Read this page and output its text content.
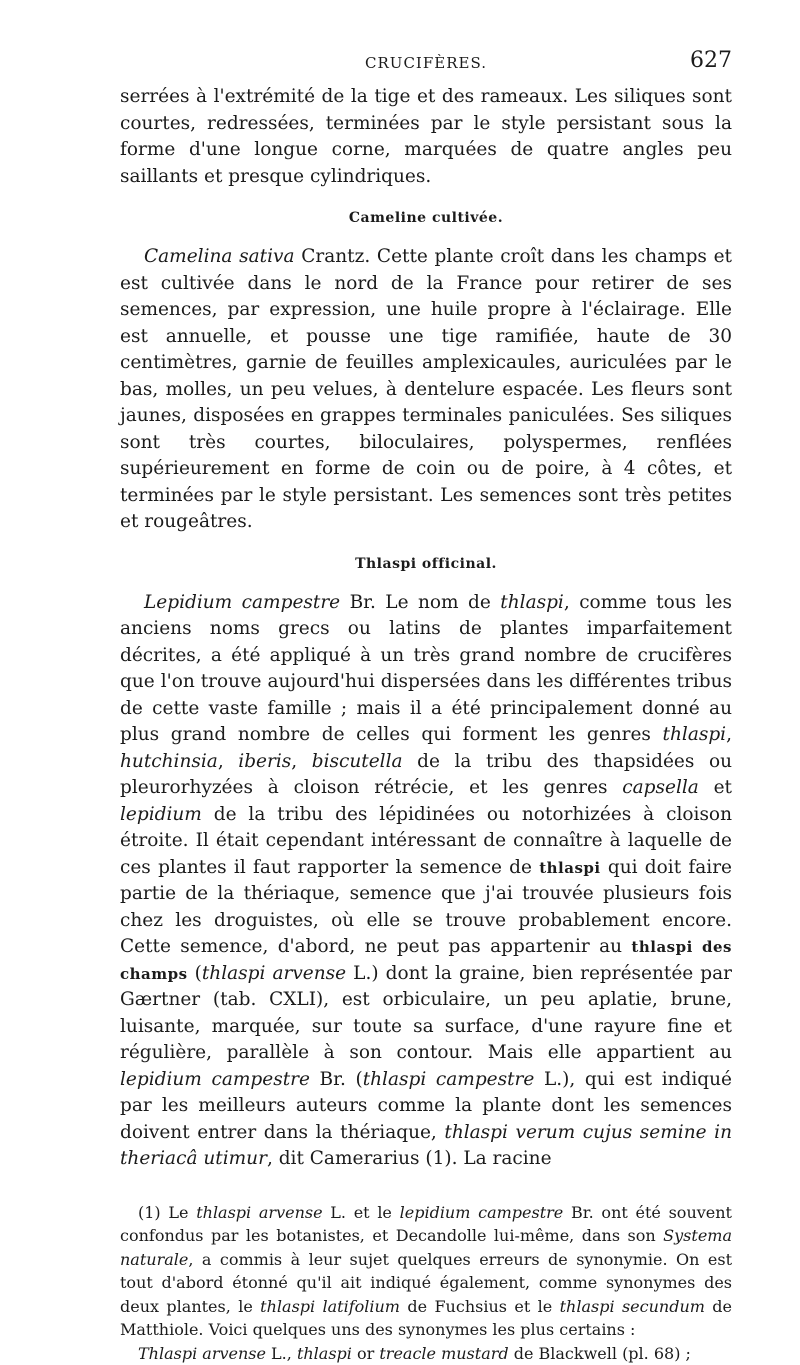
CRUCIFÈRES.	627

serrées à l'extrémité de la tige et des rameaux. Les siliques sont courtes, redressées, terminées par le style persistant sous la forme d'une longue corne, marquées de quatre angles peu saillants et presque cylindriques.

Cameline cultivée.

Camelina sativa Crantz. Cette plante croît dans les champs et est cultivée dans le nord de la France pour retirer de ses semences, par expression, une huile propre à l'éclairage. Elle est annuelle, et pousse une tige ramifiée, haute de 30 centimètres, garnie de feuilles amplexicaules, auriculées par le bas, molles, un peu velues, à dentelure espacée. Les fleurs sont jaunes, disposées en grappes terminales paniculées. Ses siliques sont très courtes, biloculaires, polyspermes, renflées supérieurement en forme de coin ou de poire, à 4 côtes, et terminées par le style persistant. Les semences sont très petites et rougeâtres.

Thlaspi officinal.

Lepidium campestre Br. Le nom de thlaspi, comme tous les anciens noms grecs ou latins de plantes imparfaitement décrites, a été appliqué à un très grand nombre de crucifères que l'on trouve aujourd'hui dispersées dans les différentes tribus de cette vaste famille ; mais il a été principalement donné au plus grand nombre de celles qui forment les genres thlaspi, hutchinsia, iberis, biscutella de la tribu des thapsidées ou pleurorhyzées à cloison rétrécie, et les genres capsella et lepidium de la tribu des lépidinées ou notorhizées à cloison étroite. Il était cependant intéressant de connaître à laquelle de ces plantes il faut rapporter la semence de thlaspi qui doit faire partie de la thériaque, semence que j'ai trouvée plusieurs fois chez les droguistes, où elle se trouve probablement encore. Cette semence, d'abord, ne peut pas appartenir au thlaspi des champs (thlaspi arvense L.) dont la graine, bien représentée par Gærtner (tab. CXLI), est orbiculaire, un peu aplatie, brune, luisante, marquée, sur toute sa surface, d'une rayure fine et régulière, parallèle à son contour. Mais elle appartient au lepidium campestre Br. (thlaspi campestre L.), qui est indiqué par les meilleurs auteurs comme la plante dont les semences doivent entrer dans la thériaque, thlaspi verum cujus semine in theriacâ utimur, dit Camerarius (1). La racine

(1) Le thlaspi arvense L. et le lepidium campestre Br. ont été souvent confondus par les botanistes, et Decandolle lui-même, dans son Systema naturale, a commis à leur sujet quelques erreurs de synonymie. On est tout d'abord étonné qu'il ait indiqué également, comme synonymes des deux plantes, le thlaspi latifolium de Fuchsius et le thlaspi secundum de Matthiole. Voici quelques uns des synonymes les plus certains :

Thlaspi arvense L., thlaspi or treacle mustard de Blackwell (pl. 68) ;
